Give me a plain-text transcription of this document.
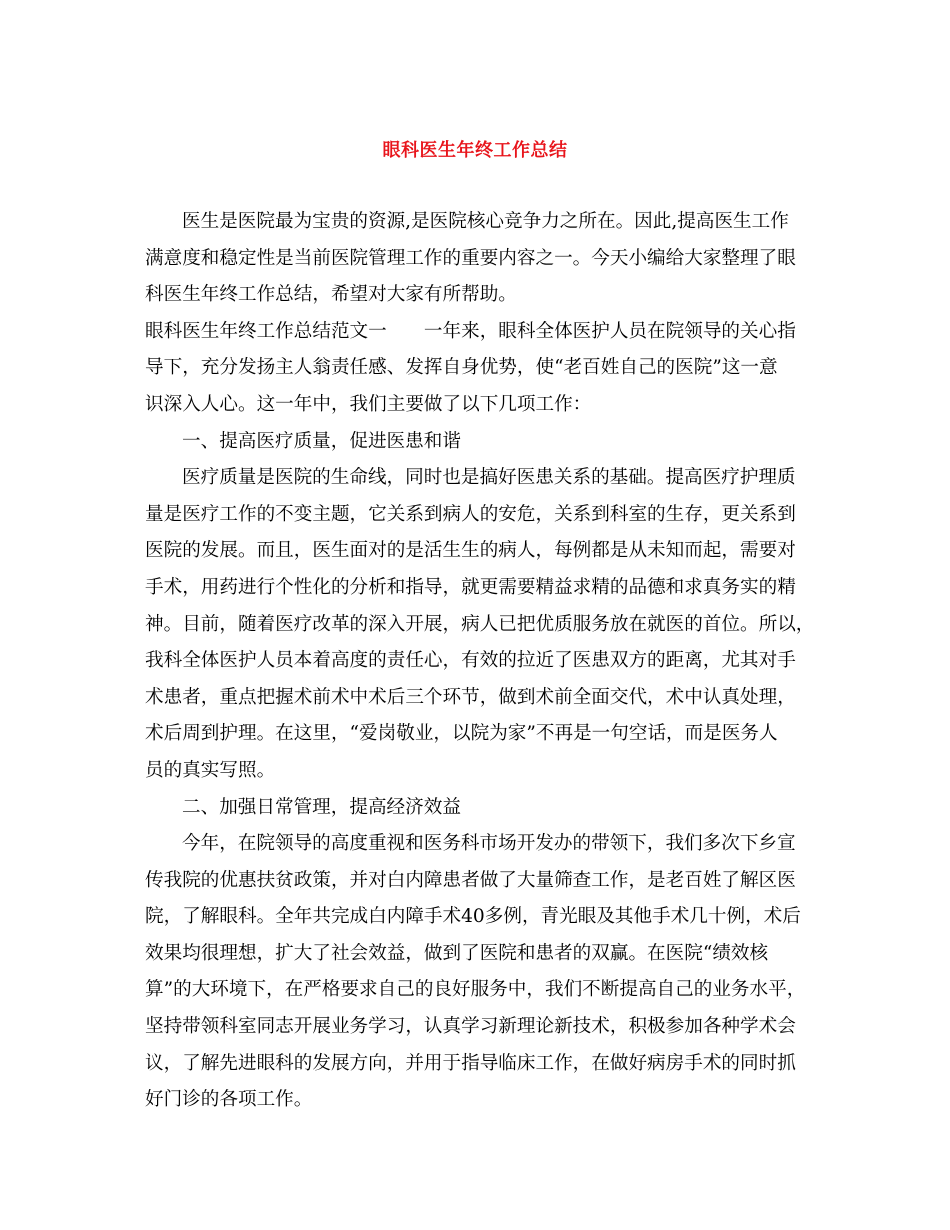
眼科医生年终工作总结
医生是医院最为宝贵的资源,是医院核心竞争力之所在。因此,提高医生工作
满意度和稳定性是当前医院管理工作的重要内容之一。今天小编给大家整理了眼
科医生年终工作总结，希望对大家有所帮助。
眼科医生年终工作总结范文一　　一年来，眼科全体医护人员在院领导的关心指
导下，充分发扬主人翁责任感、发挥自身优势，使“老百姓自己的医院”这一意
识深入人心。这一年中，我们主要做了以下几项工作：
一、提高医疗质量，促进医患和谐
医疗质量是医院的生命线，同时也是搞好医患关系的基础。提高医疗护理质
量是医疗工作的不变主题，它关系到病人的安危，关系到科室的生存，更关系到
医院的发展。而且，医生面对的是活生生的病人，每例都是从未知而起，需要对
手术，用药进行个性化的分析和指导，就更需要精益求精的品德和求真务实的精
神。目前，随着医疗改革的深入开展，病人已把优质服务放在就医的首位。所以，
我科全体医护人员本着高度的责任心，有效的拉近了医患双方的距离，尤其对手
术患者，重点把握术前术中术后三个环节，做到术前全面交代，术中认真处理，
术后周到护理。在这里，“爱岗敬业，以院为家”不再是一句空话，而是医务人
员的真实写照。
二、加强日常管理，提高经济效益
今年，在院领导的高度重视和医务科市场开发办的带领下，我们多次下乡宣
传我院的优惠扶贫政策，并对白内障患者做了大量筛查工作，是老百姓了解区医
院，了解眼科。全年共完成白内障手术40多例，青光眼及其他手术几十例，术后
效果均很理想，扩大了社会效益，做到了医院和患者的双赢。在医院“绩效核
算”的大环境下，在严格要求自己的良好服务中，我们不断提高自己的业务水平，
坚持带领科室同志开展业务学习，认真学习新理论新技术，积极参加各种学术会
议，了解先进眼科的发展方向，并用于指导临床工作，在做好病房手术的同时抓
好门诊的各项工作。
